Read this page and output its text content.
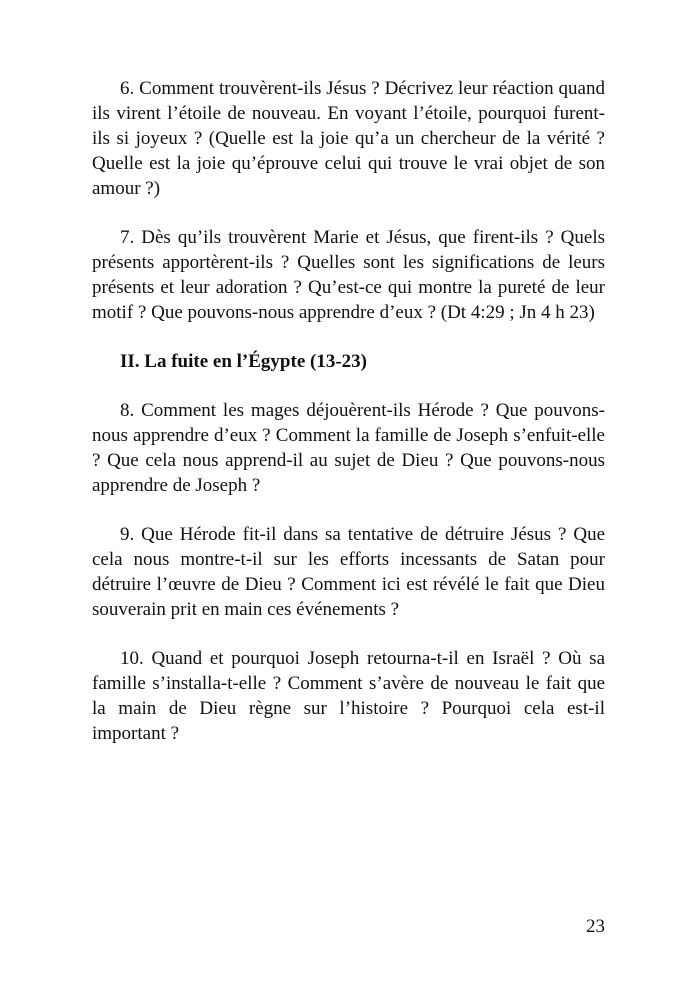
6. Comment trouvèrent-ils Jésus ? Décrivez leur réaction quand ils virent l’étoile de nouveau. En voyant l’étoile, pourquoi furent-ils si joyeux ? (Quelle est la joie qu’a un chercheur de la vérité ? Quelle est la joie qu’éprouve celui qui trouve le vrai objet de son amour ?)

7. Dès qu’ils trouvèrent Marie et Jésus, que firent-ils ? Quels présents apportèrent-ils ? Quelles sont les significations de leurs présents et leur adoration ? Qu’est-ce qui montre la pureté de leur motif ? Que pouvons-nous apprendre d’eux ? (Dt 4:29 ; Jn 4 h 23)

II. La fuite en l’Égypte (13-23)

8. Comment les mages déjouèrent-ils Hérode ? Que pouvons-nous apprendre d’eux ? Comment la famille de Joseph s’enfuit-elle ? Que cela nous apprend-il au sujet de Dieu ? Que pouvons-nous apprendre de Joseph ?

9. Que Hérode fit-il dans sa tentative de détruire Jésus ? Que cela nous montre-t-il sur les efforts incessants de Satan pour détruire l’œuvre de Dieu ? Comment ici est révélé le fait que Dieu souverain prit en main ces événements ?

10. Quand et pourquoi Joseph retourna-t-il en Israël ? Où sa famille s’installa-t-elle ? Comment s’avère de nouveau le fait que la main de Dieu règne sur l’histoire ? Pourquoi cela est-il important ?

23
